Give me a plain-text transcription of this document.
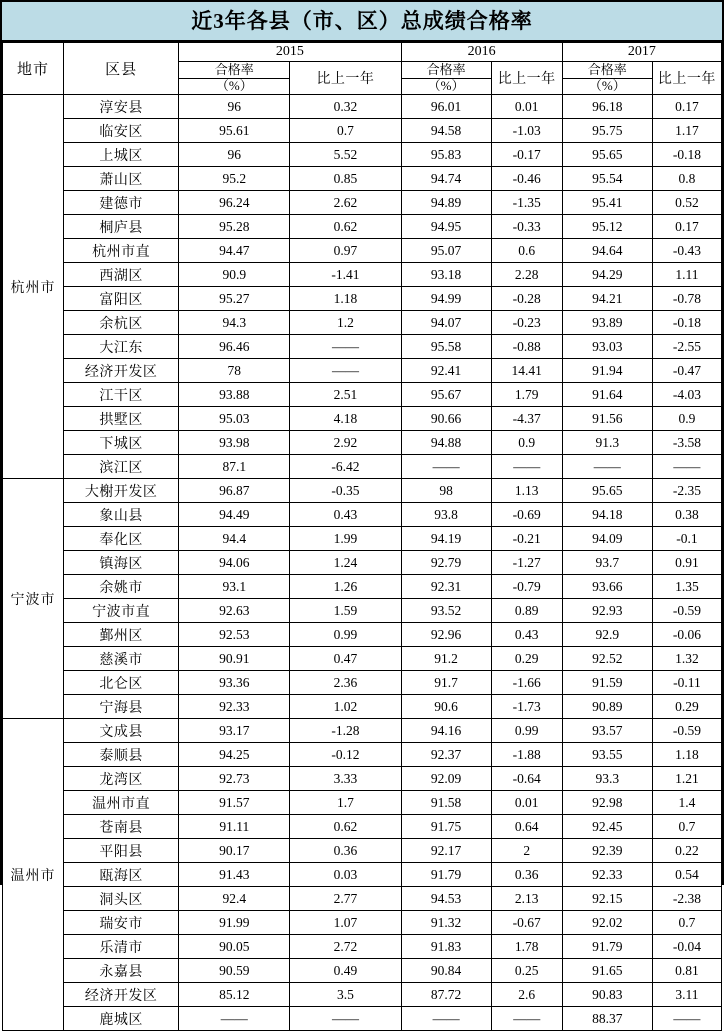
近3年各县（市、区）总成绩合格率
地市	区县	2015		2016		2017	

		合格率
（%）	比上一年	合格率
（%）	比上一年	合格率
（%）	比上一年
杭州市	淳安县	96	0.32	96.01	0.01	96.18	0.17
	临安区	95.61	0.7	94.58	-1.03	95.75	1.17
	上城区	96	5.52	95.83	-0.17	95.65	-0.18
	萧山区	95.2	0.85	94.74	-0.46	95.54	0.8
	建德市	96.24	2.62	94.89	-1.35	95.41	0.52
	桐庐县	95.28	0.62	94.95	-0.33	95.12	0.17
	杭州市直	94.47	0.97	95.07	0.6	94.64	-0.43
	西湖区	90.9	-1.41	93.18	2.28	94.29	1.11
	富阳区	95.27	1.18	94.99	-0.28	94.21	-0.78
	余杭区	94.3	1.2	94.07	-0.23	93.89	-0.18
	大江东	96.46	——	95.58	-0.88	93.03	-2.55
	经济开发区	78	——	92.41	14.41	91.94	-0.47
	江干区	93.88	2.51	95.67	1.79	91.64	-4.03
	拱墅区	95.03	4.18	90.66	-4.37	91.56	0.9
	下城区	93.98	2.92	94.88	0.9	91.3	-3.58
	滨江区	87.1	-6.42	——	——	——	——
宁波市	大榭开发区	96.87	-0.35	98	1.13	95.65	-2.35
	象山县	94.49	0.43	93.8	-0.69	94.18	0.38
	奉化区	94.4	1.99	94.19	-0.21	94.09	-0.1
	镇海区	94.06	1.24	92.79	-1.27	93.7	0.91
	余姚市	93.1	1.26	92.31	-0.79	93.66	1.35
	宁波市直	92.63	1.59	93.52	0.89	92.93	-0.59
	鄞州区	92.53	0.99	92.96	0.43	92.9	-0.06
	慈溪市	90.91	0.47	91.2	0.29	92.52	1.32
	北仑区	93.36	2.36	91.7	-1.66	91.59	-0.11
	宁海县	92.33	1.02	90.6	-1.73	90.89	0.29
温州市	文成县	93.17	-1.28	94.16	0.99	93.57	-0.59
	泰顺县	94.25	-0.12	92.37	-1.88	93.55	1.18
	龙湾区	92.73	3.33	92.09	-0.64	93.3	1.21
	温州市直	91.57	1.7	91.58	0.01	92.98	1.4
	苍南县	91.11	0.62	91.75	0.64	92.45	0.7
	平阳县	90.17	0.36	92.17	2	92.39	0.22
	瓯海区	91.43	0.03	91.79	0.36	92.33	0.54
	洞头区	92.4	2.77	94.53	2.13	92.15	-2.38
	瑞安市	91.99	1.07	91.32	-0.67	92.02	0.7
	乐清市	90.05	2.72	91.83	1.78	91.79	-0.04
	永嘉县	90.59	0.49	90.84	0.25	91.65	0.81
	经济开发区	85.12	3.5	87.72	2.6	90.83	3.11
	鹿城区	——	——	——	——	88.37	——
